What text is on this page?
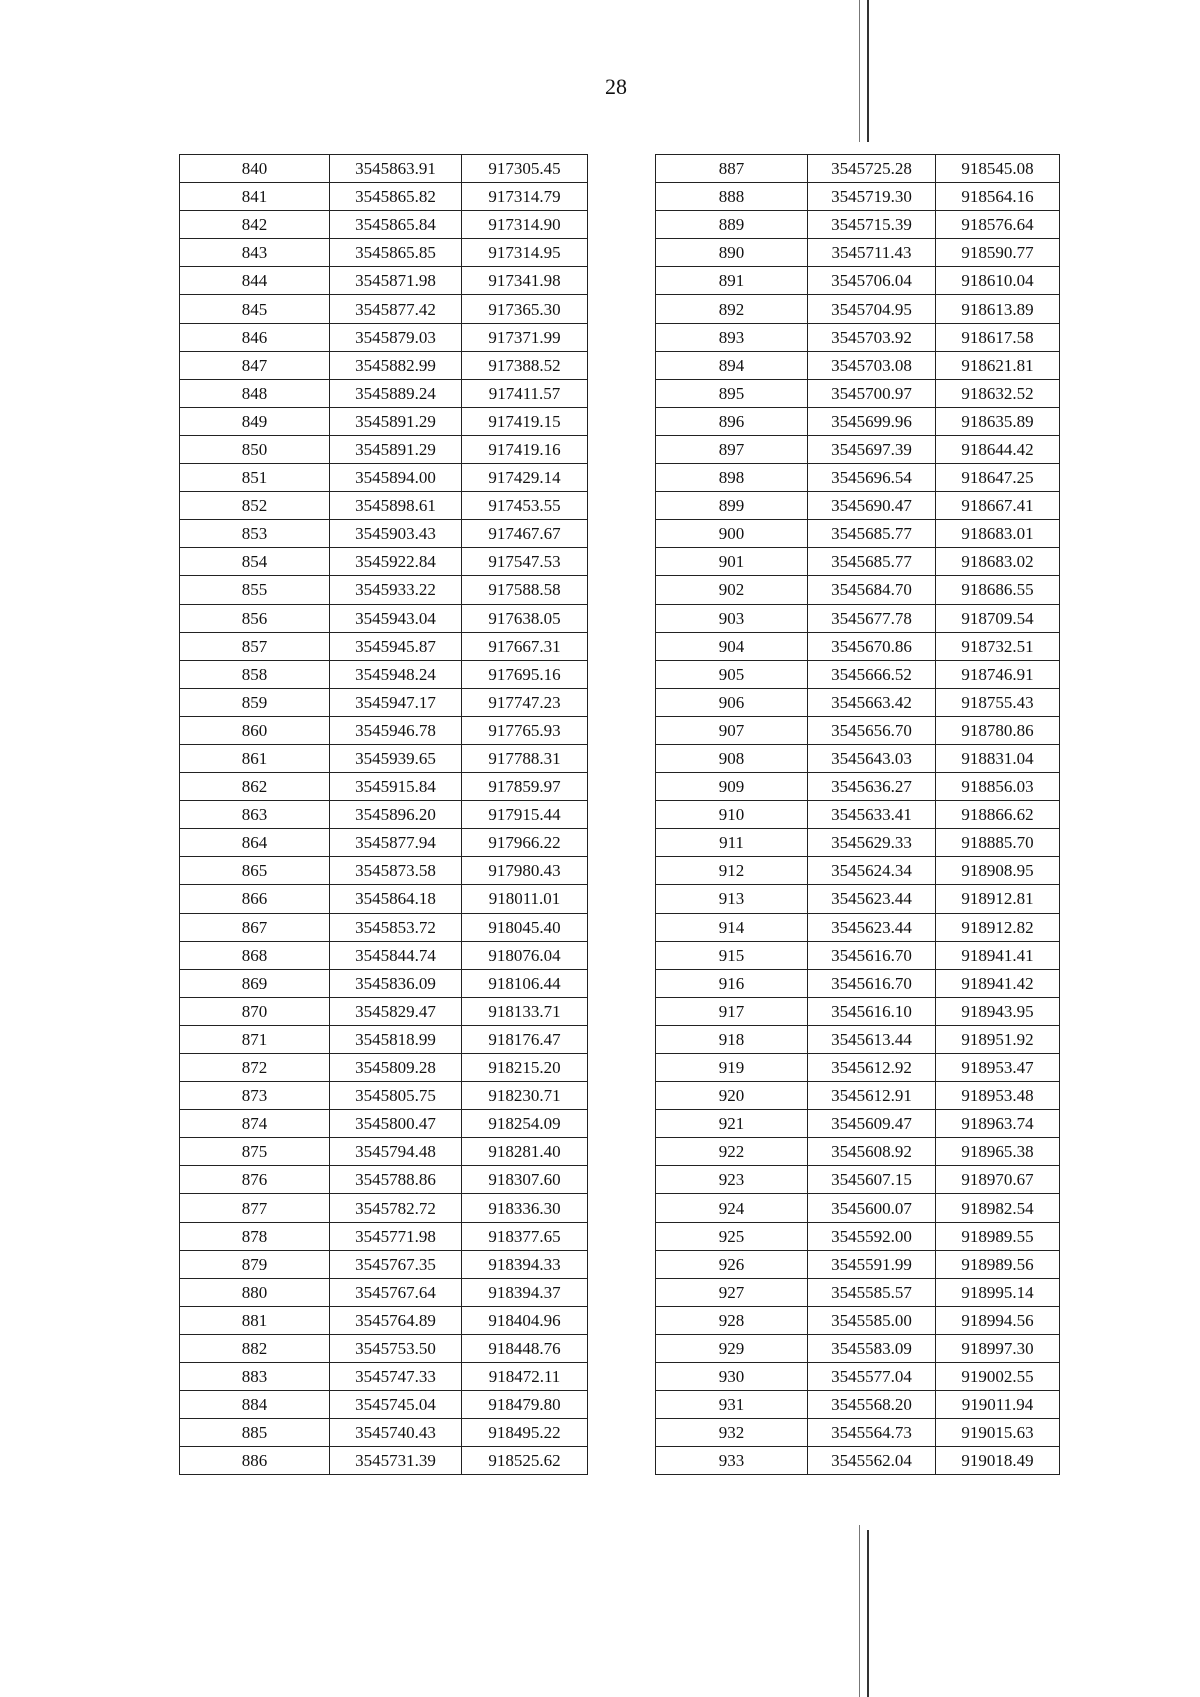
28
840	3545863.91	917305.45
841	3545865.82	917314.79
842	3545865.84	917314.90
843	3545865.85	917314.95
844	3545871.98	917341.98
845	3545877.42	917365.30
846	3545879.03	917371.99
847	3545882.99	917388.52
848	3545889.24	917411.57
849	3545891.29	917419.15
850	3545891.29	917419.16
851	3545894.00	917429.14
852	3545898.61	917453.55
853	3545903.43	917467.67
854	3545922.84	917547.53
855	3545933.22	917588.58
856	3545943.04	917638.05
857	3545945.87	917667.31
858	3545948.24	917695.16
859	3545947.17	917747.23
860	3545946.78	917765.93
861	3545939.65	917788.31
862	3545915.84	917859.97
863	3545896.20	917915.44
864	3545877.94	917966.22
865	3545873.58	917980.43
866	3545864.18	918011.01
867	3545853.72	918045.40
868	3545844.74	918076.04
869	3545836.09	918106.44
870	3545829.47	918133.71
871	3545818.99	918176.47
872	3545809.28	918215.20
873	3545805.75	918230.71
874	3545800.47	918254.09
875	3545794.48	918281.40
876	3545788.86	918307.60
877	3545782.72	918336.30
878	3545771.98	918377.65
879	3545767.35	918394.33
880	3545767.64	918394.37
881	3545764.89	918404.96
882	3545753.50	918448.76
883	3545747.33	918472.11
884	3545745.04	918479.80
885	3545740.43	918495.22
886	3545731.39	918525.62
887	3545725.28	918545.08
888	3545719.30	918564.16
889	3545715.39	918576.64
890	3545711.43	918590.77
891	3545706.04	918610.04
892	3545704.95	918613.89
893	3545703.92	918617.58
894	3545703.08	918621.81
895	3545700.97	918632.52
896	3545699.96	918635.89
897	3545697.39	918644.42
898	3545696.54	918647.25
899	3545690.47	918667.41
900	3545685.77	918683.01
901	3545685.77	918683.02
902	3545684.70	918686.55
903	3545677.78	918709.54
904	3545670.86	918732.51
905	3545666.52	918746.91
906	3545663.42	918755.43
907	3545656.70	918780.86
908	3545643.03	918831.04
909	3545636.27	918856.03
910	3545633.41	918866.62
911	3545629.33	918885.70
912	3545624.34	918908.95
913	3545623.44	918912.81
914	3545623.44	918912.82
915	3545616.70	918941.41
916	3545616.70	918941.42
917	3545616.10	918943.95
918	3545613.44	918951.92
919	3545612.92	918953.47
920	3545612.91	918953.48
921	3545609.47	918963.74
922	3545608.92	918965.38
923	3545607.15	918970.67
924	3545600.07	918982.54
925	3545592.00	918989.55
926	3545591.99	918989.56
927	3545585.57	918995.14
928	3545585.00	918994.56
929	3545583.09	918997.30
930	3545577.04	919002.55
931	3545568.20	919011.94
932	3545564.73	919015.63
933	3545562.04	919018.49
